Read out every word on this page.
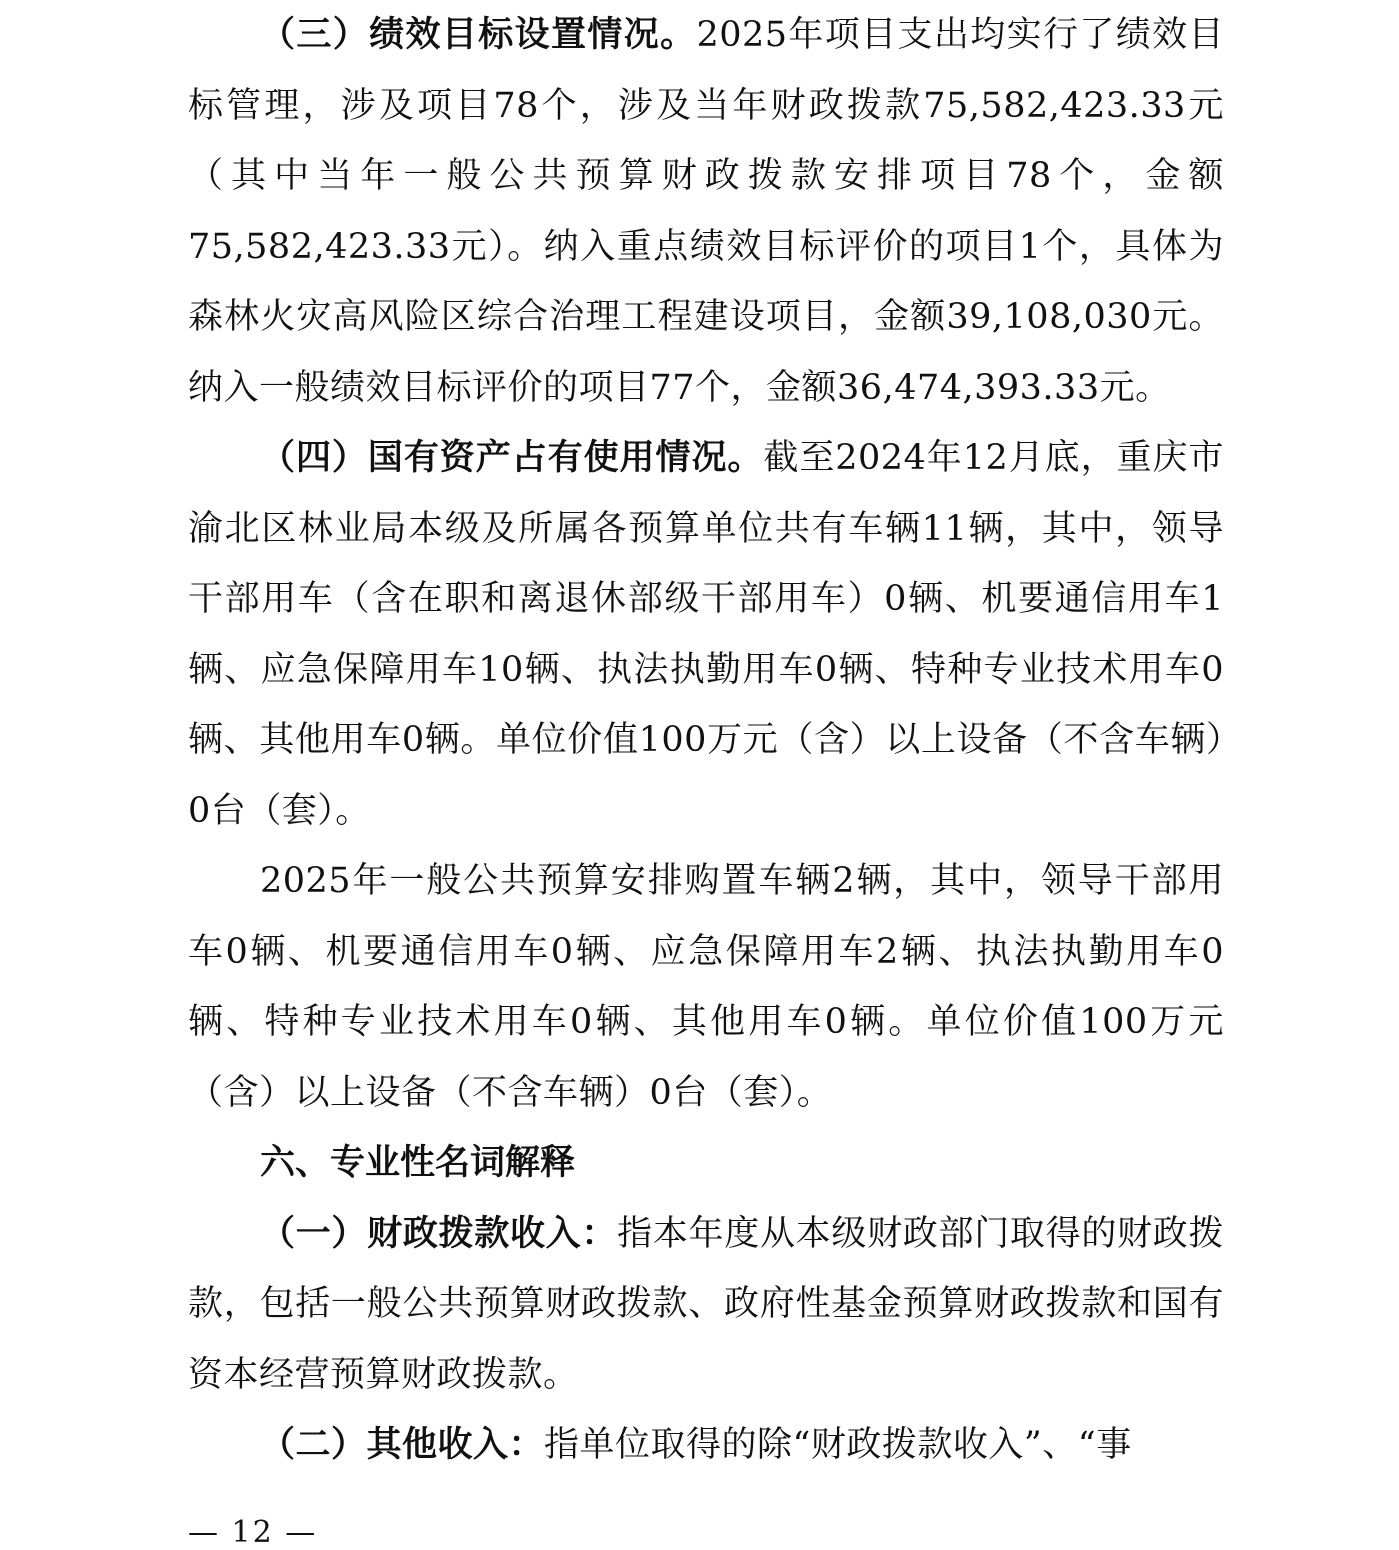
（三）绩效目标设置情况。2025年项目支出均实行了绩效目标管理，涉及项目78个，涉及当年财政拨款75,582,423.33元（其中当年一般公共预算财政拨款安排项目78个，金额75,582,423.33元）。纳入重点绩效目标评价的项目1个，具体为森林火灾高风险区综合治理工程建设项目，金额39,108,030元。纳入一般绩效目标评价的项目77个，金额36,474,393.33元。

（四）国有资产占有使用情况。截至2024年12月底，重庆市渝北区林业局本级及所属各预算单位共有车辆11辆，其中，领导干部用车（含在职和离退休部级干部用车）0辆、机要通信用车1辆、应急保障用车10辆、执法执勤用车0辆、特种专业技术用车0辆、其他用车0辆。单位价值100万元（含）以上设备（不含车辆）0台（套）。

2025年一般公共预算安排购置车辆2辆，其中，领导干部用车0辆、机要通信用车0辆、应急保障用车2辆、执法执勤用车0辆、特种专业技术用车0辆、其他用车0辆。单位价值100万元（含）以上设备（不含车辆）0台（套）。

六、专业性名词解释

（一）财政拨款收入：指本年度从本级财政部门取得的财政拨款，包括一般公共预算财政拨款、政府性基金预算财政拨款和国有资本经营预算财政拨款。

（二）其他收入：指单位取得的除“财政拨款收入”、“事

— 12 —
